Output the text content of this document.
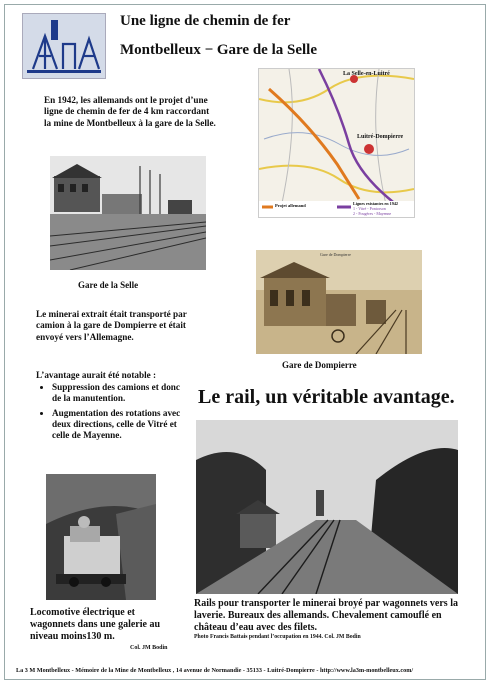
Une ligne de chemin de fer
Montbelleux − Gare de la Selle
En 1942, les allemands ont le projet d’une ligne de chemin de fer de 4 km raccordant la mine de Montbelleux à la gare de la Selle.
La Selle-en-Luitré
Luitré-Dompierre
Projet allemand	Lignes existantes en 1942
1 - Vitré - Pontorson
2 - Fougères - Mayenne
Gare de la Selle
Gare de Dompierre
Gare de Dompierre
Le minerai extrait était transporté par camion à la gare de Dompierre et était envoyé vers l’Allemagne.
L’avantage aurait été notable :
• Suppression des camions et donc de la manutention.
• Augmentation des rotations avec deux directions, celle de Vitré et celle de Mayenne.
Le rail, un véritable avantage.
Locomotive électrique et wagonnets dans une galerie au niveau moins130 m.
Col. JM Bodin
Rails pour transporter le minerai broyé par wagonnets vers la laverie. Bureaux des allemands. Chevalement camouflé en château d’eau avec des filets.
Photo Francis Battais pendant l’occupation en 1944. Col. JM Bodin
La 3 M Montbelleux - Mémoire de la Mine de Montbelleux , 14 avenue de Normandie - 35133 - Luitré-Dompierre - http://www.la3m-montbelleux.com/
